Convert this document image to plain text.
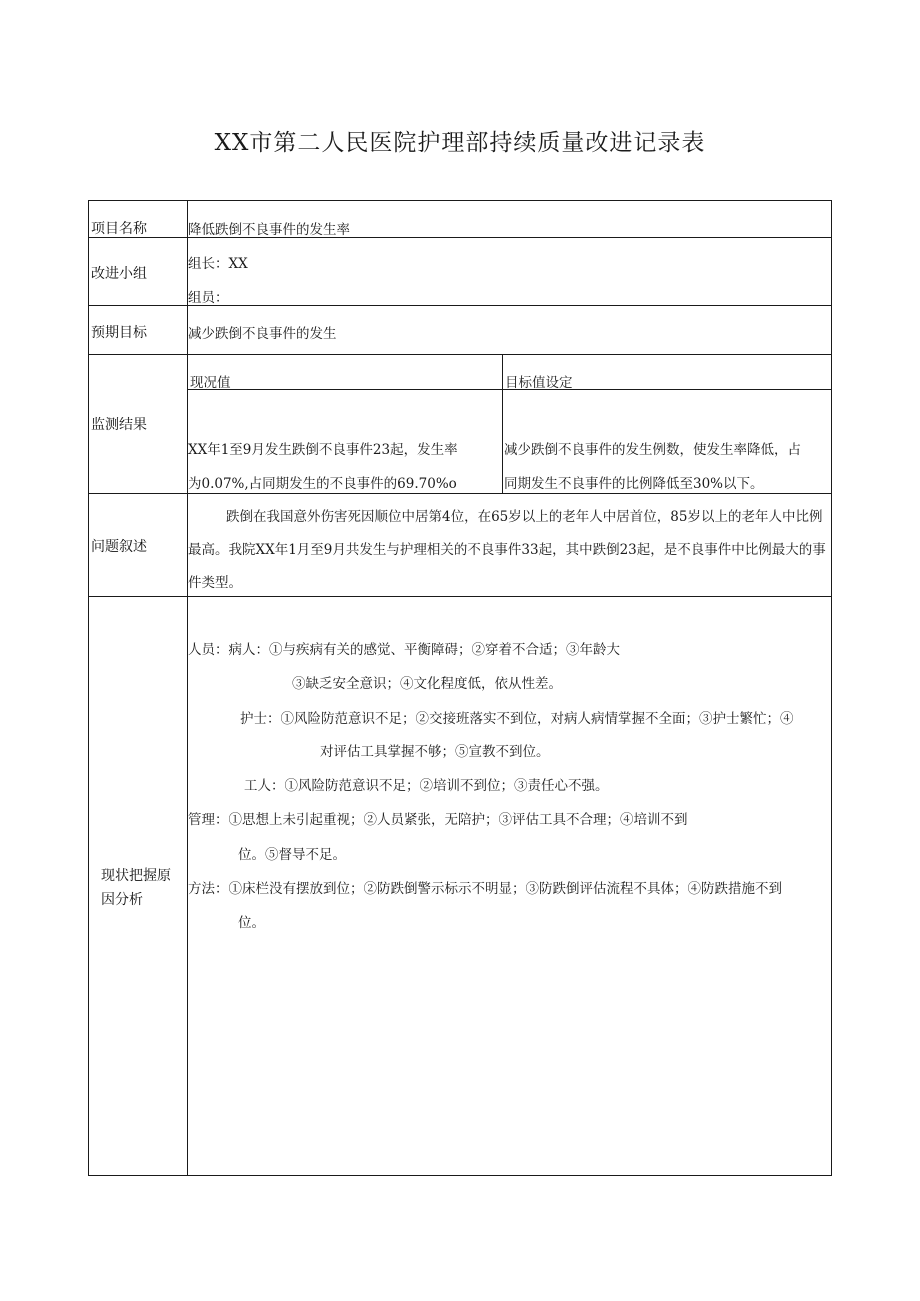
XX市第二人民医院护理部持续质量改进记录表
项目名称
改进小组
预期目标
监测结果
问题叙述
现状把握原因分析
降低跌倒不良事件的发生率
组长：XX
组员：
减少跌倒不良事件的发生
现况值	目标值设定
XX年1至9月发生跌倒不良事件23起，发生率
为0.07%,占同期发生的不良事件的69.70%o
减少跌倒不良事件的发生例数，使发生率降低，占
同期发生不良事件的比例降低至30%以下。
跌倒在我国意外伤害死因顺位中居第4位，在65岁以上的老年人中居首位，85岁以上的老年人中比例最高。我院XX年1月至9月共发生与护理相关的不良事件33起，其中跌倒23起，是不良事件中比例最大的事件类型。
人员：病人：①与疾病有关的感觉、平衡障碍；②穿着不合适；③年龄大
③缺乏安全意识；④文化程度低，依从性差。
护士：①风险防范意识不足；②交接班落实不到位，对病人病情掌握不全面；③护士繁忙；④
对评估工具掌握不够；⑤宣教不到位。
工人：①风险防范意识不足；②培训不到位；③责任心不强。
管理：①思想上未引起重视；②人员紧张，无陪护；③评估工具不合理；④培训不到
位。⑤督导不足。
方法：①床栏没有摆放到位；②防跌倒警示标示不明显；③防跌倒评估流程不具体；④防跌措施不到
位。
